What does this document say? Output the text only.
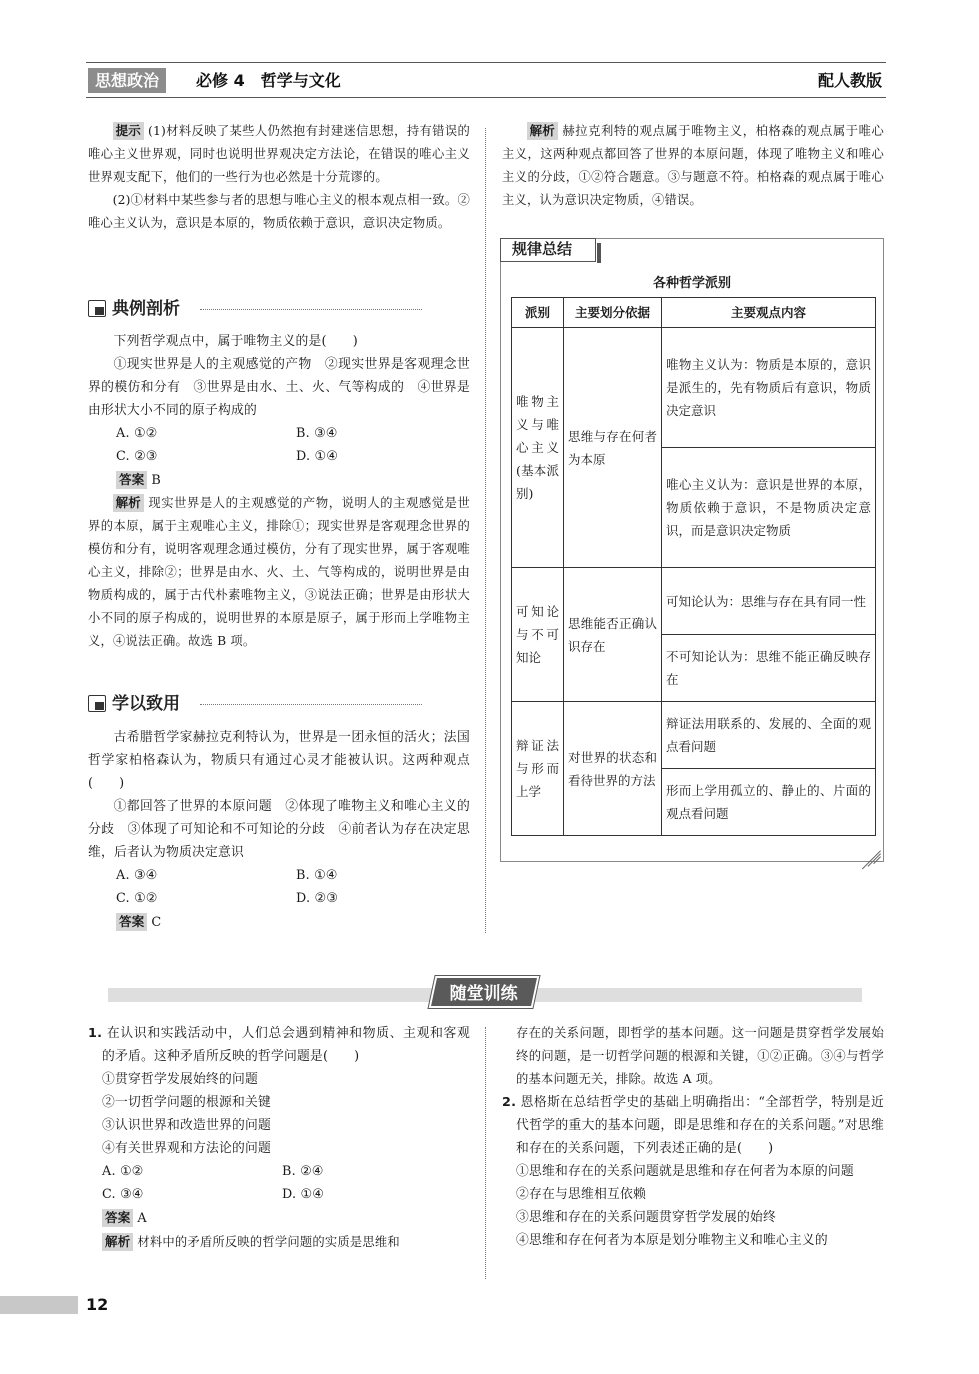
思想政治	必修 4　哲学与文化	配人教版

提示 (1)材料反映了某些人仍然抱有封建迷信思想，持有错误的唯心主义世界观，同时也说明世界观决定方法论，在错误的唯心主义世界观支配下，他们的一些行为也必然是十分荒谬的。

(2)①材料中某些参与者的思想与唯心主义的根本观点相一致。②唯心主义认为，意识是本原的，物质依赖于意识，意识决定物质。

典例剖析

下列哲学观点中，属于唯物主义的是(　　)

①现实世界是人的主观感觉的产物　②现实世界是客观理念世界的模仿和分有　③世界是由水、土、火、气等构成的　④世界是由形状大小不同的原子构成的

A. ①②	B. ③④
C. ②③	D. ①④

答案 B

解析 现实世界是人的主观感觉的产物，说明人的主观感觉是世界的本原，属于主观唯心主义，排除①；现实世界是客观理念世界的模仿和分有，说明客观理念通过模仿，分有了现实世界，属于客观唯心主义，排除②；世界是由水、火、土、气等构成的，说明世界是由物质构成的，属于古代朴素唯物主义，③说法正确；世界是由形状大小不同的原子构成的，说明世界的本原是原子，属于形而上学唯物主义，④说法正确。故选 B 项。

学以致用

古希腊哲学家赫拉克利特认为，世界是一团永恒的活火；法国哲学家柏格森认为，物质只有通过心灵才能被认识。这两种观点(　　)

①都回答了世界的本原问题　②体现了唯物主义和唯心主义的分歧　③体现了可知论和不可知论的分歧　④前者认为存在决定思维，后者认为物质决定意识

A. ③④	B. ①④
C. ①②	D. ②③

答案 C

解析 赫拉克利特的观点属于唯物主义，柏格森的观点属于唯心主义，这两种观点都回答了世界的本原问题，体现了唯物主义和唯心主义的分歧，①②符合题意。③与题意不符。柏格森的观点属于唯心主义，认为意识决定物质，④错误。

规律总结
各种哲学派别
派别	主要划分依据	主要观点内容
唯物主义与唯心主义(基本派别)	思维与存在何者为本原	唯物主义认为：物质是本原的，意识是派生的，先有物质后有意识，物质决定意识
		唯心主义认为：意识是世界的本原，物质依赖于意识，不是物质决定意识，而是意识决定物质
可知论与不可知论	思维能否正确认识存在	可知论认为：思维与存在具有同一性
		不可知论认为：思维不能正确反映存在
辩证法与形而上学	对世界的状态和看待世界的方法	辩证法用联系的、发展的、全面的观点看问题
		形而上学用孤立的、静止的、片面的观点看问题
随堂训练

1. 在认识和实践活动中，人们总会遇到精神和物质、主观和客观的矛盾。这种矛盾所反映的哲学问题是(　　)

①贯穿哲学发展始终的问题

②一切哲学问题的根源和关键

③认识世界和改造世界的问题

④有关世界观和方法论的问题

A. ①②	B. ②④
C. ③④	D. ①④

答案 A

解析 材料中的矛盾所反映的哲学问题的实质是思维和

存在的关系问题，即哲学的基本问题。这一问题是贯穿哲学发展始终的问题，是一切哲学问题的根源和关键，①②正确。③④与哲学的基本问题无关，排除。故选 A 项。

2. 恩格斯在总结哲学史的基础上明确指出：“全部哲学，特别是近代哲学的重大的基本问题，即是思维和存在的关系问题。”对思维和存在的关系问题，下列表述正确的是(　　)

①思维和存在的关系问题就是思维和存在何者为本原的问题

②存在与思维相互依赖

③思维和存在的关系问题贯穿哲学发展的始终

④思维和存在何者为本原是划分唯物主义和唯心主义的

12
